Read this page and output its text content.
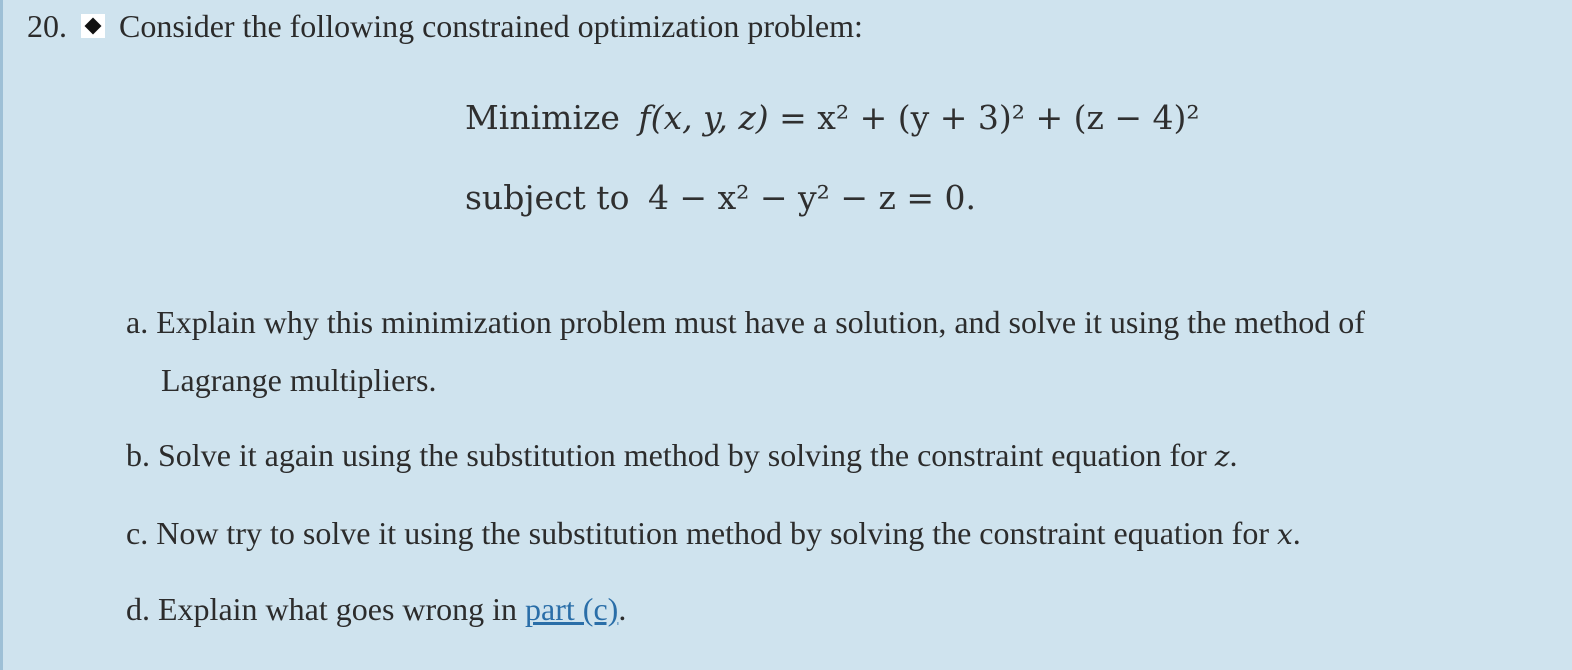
20. Consider the following constrained optimization problem:
Minimize f(x, y, z) = x² + (y + 3)² + (z − 4)²
subject to 4 − x² − y² − z = 0.
a. Explain why this minimization problem must have a solution, and solve it using the method of
Lagrange multipliers.
b. Solve it again using the substitution method by solving the constraint equation for z.
c. Now try to solve it using the substitution method by solving the constraint equation for x.
d. Explain what goes wrong in part (c).
